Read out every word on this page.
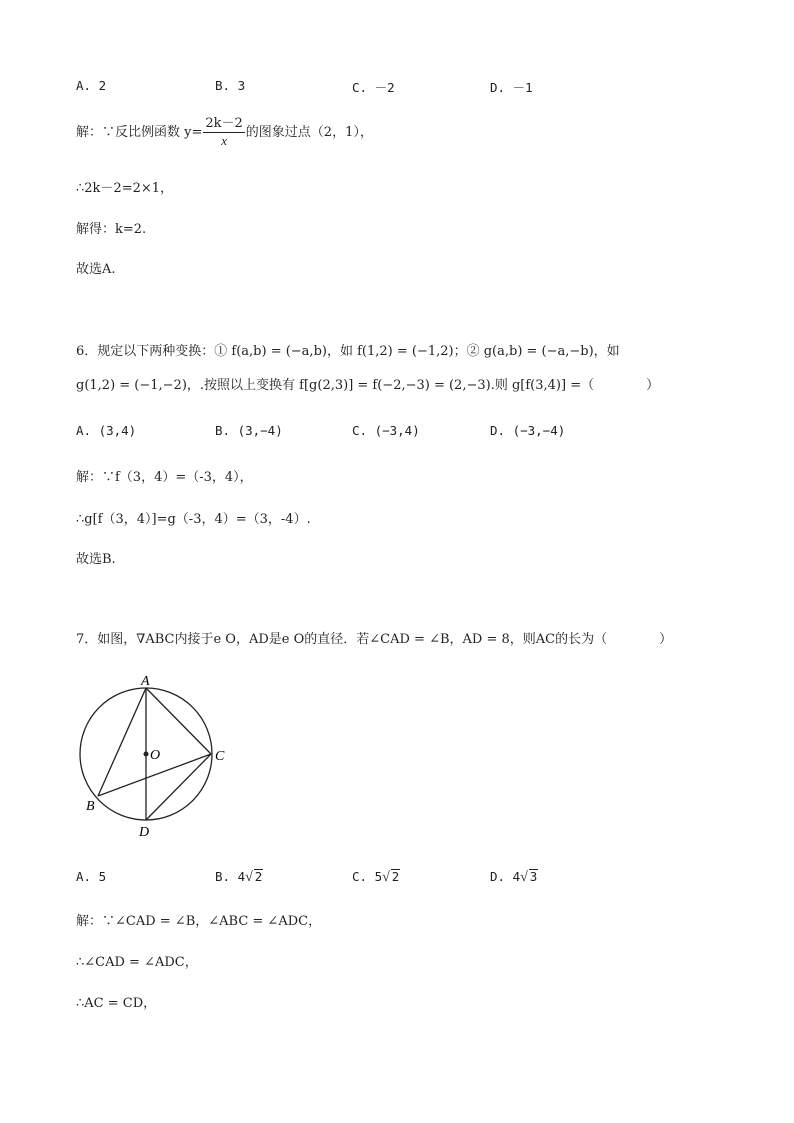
A. 2	B. 3	C. －2	D. －1
解：∵反比例函数 $y= \frac{2k-2}{x}$ 的图象过点（2，1），
∴2k－2=2×1，
解得：k=2.
故选A.
6．规定以下两种变换：① f(a,b) = (−a,b)，如 f(1,2) = (−1,2)；② g(a,b) = (−a,−b)，如
g(1,2) = (−1,−2)，.按照以上变换有 f[g(2,3)] = f(−2,−3) = (2,−3).则 g[f(3,4)] =（　　　　）
A. (3,4)	B. (3,−4)	C. (−3,4)	D. (−3,−4)
解：∵f（3，4）=（-3，4），
∴g[f（3，4）]=g（-3，4）=（3，-4）.
故选B.
7．如图，∇ABC内接于e O，AD是e O的直径．若∠CAD = ∠B，AD = 8，则AC的长为（　　　　）
A
B
C
D
O
A. 5	B. 4√ 2	C. 5√ 2	D. 4√ 3
解：∵∠CAD = ∠B，∠ABC = ∠ADC，
∴∠CAD = ∠ADC，
∴AC = CD，
